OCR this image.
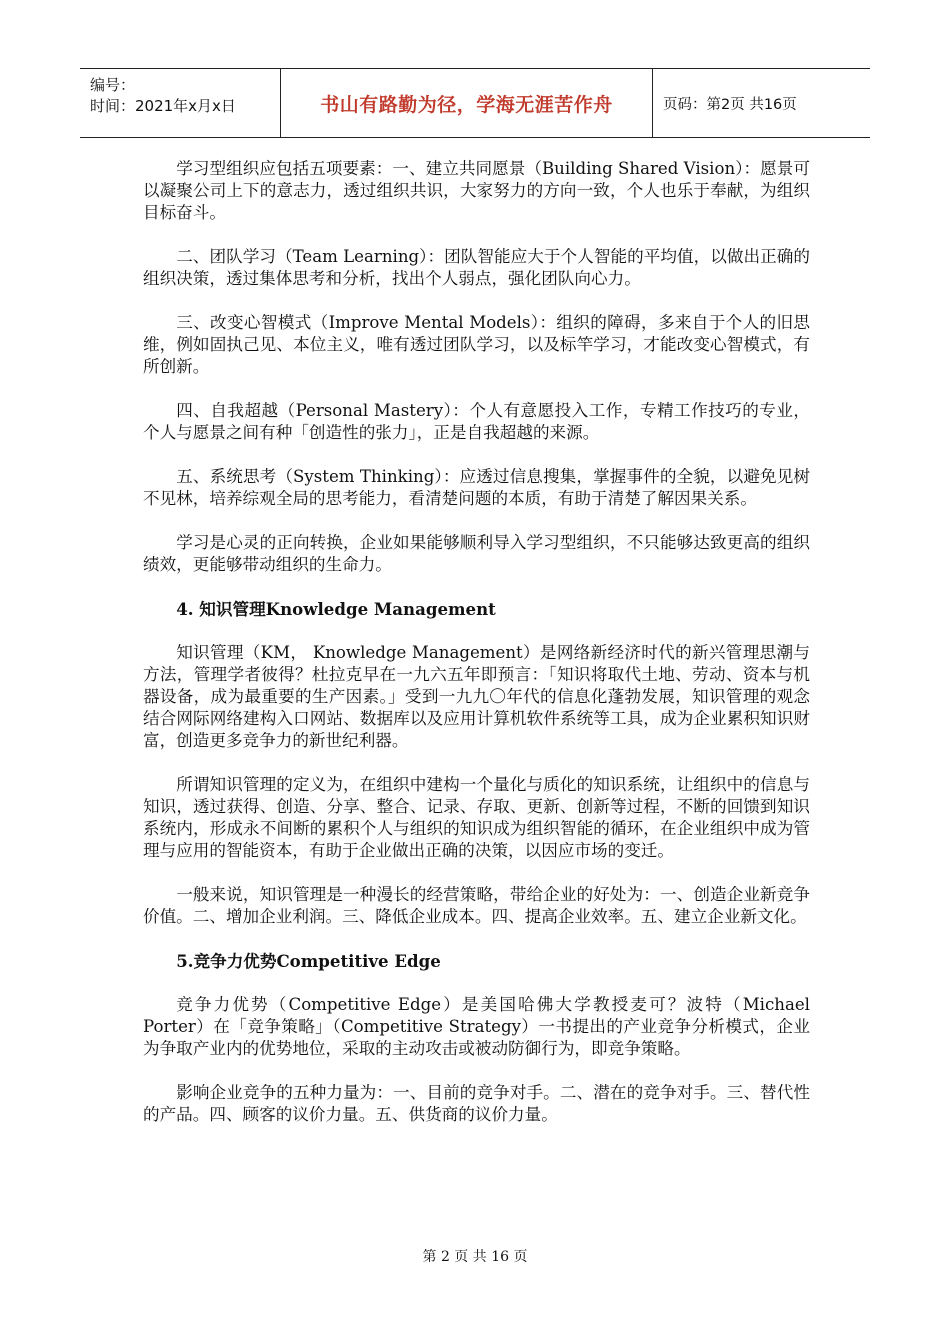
编号：
时间：2021年x月x日	书山有路勤为径，学海无涯苦作舟	页码：第2页 共16页

学习型组织应包括五项要素：一、建立共同愿景（Building Shared Vision）：愿景可以凝聚公司上下的意志力，透过组织共识，大家努力的方向一致，个人也乐于奉献，为组织目标奋斗。

二、团队学习（Team Learning）：团队智能应大于个人智能的平均值，以做出正确的组织决策，透过集体思考和分析，找出个人弱点，强化团队向心力。

三、改变心智模式（Improve Mental Models）：组织的障碍，多来自于个人的旧思维，例如固执己见、本位主义，唯有透过团队学习，以及标竿学习，才能改变心智模式，有所创新。

四、自我超越（Personal Mastery）：个人有意愿投入工作，专精工作技巧的专业，个人与愿景之间有种「创造性的张力」，正是自我超越的来源。

五、系统思考（System Thinking）：应透过信息搜集，掌握事件的全貌，以避免见树不见林，培养综观全局的思考能力，看清楚问题的本质，有助于清楚了解因果关系。

学习是心灵的正向转换，企业如果能够顺利导入学习型组织，不只能够达致更高的组织绩效，更能够带动组织的生命力。

4. 知识管理Knowledge Management

知识管理（KM， Knowledge Management）是网络新经济时代的新兴管理思潮与方法，管理学者彼得？杜拉克早在一九六五年即预言：「知识将取代土地、劳动、资本与机器设备，成为最重要的生产因素。」受到一九九〇年代的信息化蓬勃发展，知识管理的观念结合网际网络建构入口网站、数据库以及应用计算机软件系统等工具，成为企业累积知识财富，创造更多竞争力的新世纪利器。

所谓知识管理的定义为，在组织中建构一个量化与质化的知识系统，让组织中的信息与知识，透过获得、创造、分享、整合、记录、存取、更新、创新等过程，不断的回馈到知识系统内，形成永不间断的累积个人与组织的知识成为组织智能的循环，在企业组织中成为管理与应用的智能资本，有助于企业做出正确的决策，以因应市场的变迁。

一般来说，知识管理是一种漫长的经营策略，带给企业的好处为：一、创造企业新竞争价值。二、增加企业利润。三、降低企业成本。四、提高企业效率。五、建立企业新文化。

5.竞争力优势Competitive Edge

竞争力优势（Competitive Edge）是美国哈佛大学教授麦可？波特（Michael Porter）在「竞争策略」（Competitive Strategy）一书提出的产业竞争分析模式，企业为争取产业内的优势地位，采取的主动攻击或被动防御行为，即竞争策略。

影响企业竞争的五种力量为：一、目前的竞争对手。二、潜在的竞争对手。三、替代性的产品。四、顾客的议价力量。五、供货商的议价力量。

第 2 页 共 16 页
